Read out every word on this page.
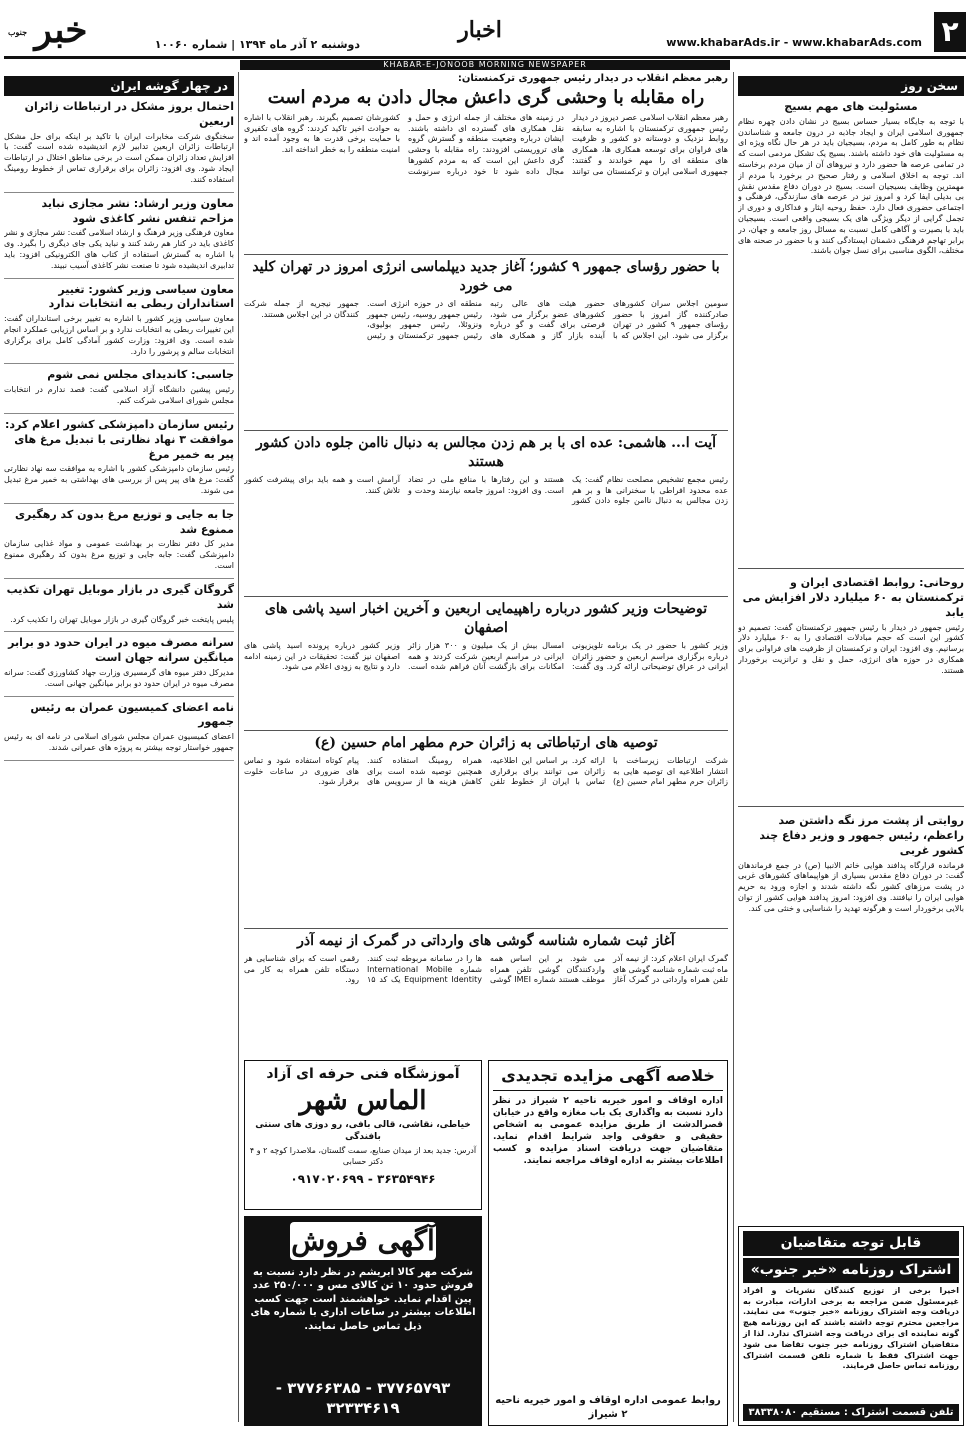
۲
www.khabarAds.ir - www.khabarAds.com
اخبار
دوشنبه ۲ آذر ماه ۱۳۹۴ | شماره ۱۰۰۶۰
خبر
جنوب
KHABAR-E-JONOOB MORNING NEWSPAPER
سخن روز
مسئولیت های مهم بسیج

با توجه به جایگاه بسیار حساس بسیج در نشان دادن چهره نظام جمهوری اسلامی ایران و ایجاد جاذبه در درون جامعه و شناساندن نظام به طور کامل به مردم، بسیجیان باید در هر حال نگاه ویژه ای به مسئولیت های خود داشته باشند. بسیج یک تشکل مردمی است که در تمامی عرصه ها حضور دارد و نیروهای آن از میان مردم برخاسته اند. توجه به اخلاق اسلامی و رفتار صحیح در برخورد با مردم از مهمترین وظایف بسیجیان است. بسیج در دوران دفاع مقدس نقش بی بدیلی ایفا کرد و امروز نیز در عرصه های سازندگی، فرهنگی و اجتماعی حضوری فعال دارد. حفظ روحیه ایثار و فداکاری و دوری از تجمل گرایی از دیگر ویژگی های یک بسیجی واقعی است. بسیجیان باید با بصیرت و آگاهی کامل نسبت به مسائل روز جامعه و جهان، در برابر تهاجم فرهنگی دشمنان ایستادگی کنند و با حضور در صحنه های مختلف، الگوی مناسبی برای نسل جوان باشند.

روحانی: روابط اقتصادی ایران و ترکمنستان به ۶۰ میلیارد دلار افزایش می یابد

رئیس جمهور در دیدار با رئیس جمهور ترکمنستان گفت: تصمیم دو کشور این است که حجم مبادلات اقتصادی را به ۶۰ میلیارد دلار برسانیم. وی افزود: ایران و ترکمنستان از ظرفیت های فراوانی برای همکاری در حوزه های انرژی، حمل و نقل و ترانزیت برخوردار هستند.

روایتی از پشت مرز نگه داشتن صد راعظم، رئیس جمهور و وزیر دفاع چند کشور غربی

فرمانده قرارگاه پدافند هوایی خاتم الانبیا (ص) در جمع فرماندهان گفت: در دوران دفاع مقدس بسیاری از هواپیماهای کشورهای غربی در پشت مرزهای کشور نگه داشته شدند و اجازه ورود به حریم هوایی ایران را نیافتند. وی افزود: امروز پدافند هوایی کشور از توان بالایی برخوردار است و هرگونه تهدید را شناسایی و خنثی می کند.

قابل توجه متقاضیان
اشتراک روزنامه «خبر جنوب»

اخیرا برخی از توزیع کنندگان نشریات و افراد غیرمسئول ضمن مراجعه به برخی ادارات، مبادرت به دریافت وجه اشتراک روزنامه «خبر جنوب» می نمایند. مراجعین محترم توجه داشته باشند که این روزنامه هیچ گونه نماینده ای برای دریافت وجه اشتراک ندارد. لذا از متقاضیان اشتراک روزنامه خبر جنوب تقاضا می شود جهت اشتراک فقط با شماره تلفن قسمت اشتراک روزنامه تماس حاصل فرمایند.

تلفن قسمت اشتراک : مستقیم ۳۸۳۳۸۰۸۰
رهبر معظم انقلاب در دیدار رئیس جمهوری ترکمنستان:
راه مقابله با وحشی گری داعش مجال دادن به مردم است

رهبر معظم انقلاب اسلامی عصر دیروز در دیدار رئیس جمهوری ترکمنستان با اشاره به سابقه روابط نزدیک و دوستانه دو کشور و ظرفیت های فراوان برای توسعه همکاری ها، همکاری های منطقه ای را مهم خواندند و گفتند: جمهوری اسلامی ایران و ترکمنستان می توانند در زمینه های مختلف از جمله انرژی و حمل و نقل همکاری های گسترده ای داشته باشند. ایشان درباره وضعیت منطقه و گسترش گروه های تروریستی افزودند: راه مقابله با وحشی گری داعش این است که به مردم کشورها مجال داده شود تا خود درباره سرنوشت کشورشان تصمیم بگیرند. رهبر انقلاب با اشاره به حوادث اخیر تاکید کردند: گروه های تکفیری با حمایت برخی قدرت ها به وجود آمده اند و امنیت منطقه را به خطر انداخته اند.

با حضور رؤسای جمهور ۹ کشور؛ آغاز جدید دیپلماسی انرژی امروز در تهران کلید می خورد

سومین اجلاس سران کشورهای صادرکننده گاز امروز با حضور رؤسای جمهور ۹ کشور در تهران برگزار می شود. این اجلاس که با حضور هیئت های عالی رتبه کشورهای عضو برگزار می شود، فرصتی برای گفت و گو درباره آینده بازار گاز و همکاری های منطقه ای در حوزه انرژی است. رئیس جمهور روسیه، رئیس جمهور ونزوئلا، رئیس جمهور بولیوی، رئیس جمهور ترکمنستان و رئیس جمهور نیجریه از جمله شرکت کنندگان در این اجلاس هستند.

آیت ا... هاشمی: عده ای با بر هم زدن مجالس به دنبال ناامن جلوه دادن کشور هستند

رئیس مجمع تشخیص مصلحت نظام گفت: یک عده محدود افراطی با سخنرانی ها و بر هم زدن مجالس به دنبال ناامن جلوه دادن کشور هستند و این رفتارها با منافع ملی در تضاد است. وی افزود: امروز جامعه نیازمند وحدت و آرامش است و همه باید برای پیشرفت کشور تلاش کنند.

توضیحات وزیر کشور درباره راهپیمایی اربعین و آخرین اخبار اسید پاشی های اصفهان

وزیر کشور با حضور در یک برنامه تلویزیونی درباره برگزاری مراسم اربعین و حضور زائران ایرانی در عراق توضیحاتی ارائه کرد. وی گفت: امسال بیش از یک میلیون و ۳۰۰ هزار زائر ایرانی در مراسم اربعین شرکت کردند و همه امکانات برای بازگشت آنان فراهم شده است. وزیر کشور درباره پرونده اسید پاشی های اصفهان نیز گفت: تحقیقات در این زمینه ادامه دارد و نتایج به زودی اعلام می شود.

توصیه های ارتباطاتی به زائران حرم مطهر امام حسین (ع)

شرکت ارتباطات زیرساخت با انتشار اطلاعیه ای توصیه هایی به زائران حرم مطهر امام حسین (ع) ارائه کرد. بر اساس این اطلاعیه، زائران می توانند برای برقراری تماس با ایران از خطوط تلفن همراه رومینگ استفاده کنند. همچنین توصیه شده است برای کاهش هزینه ها از سرویس های پیام کوتاه استفاده شود و تماس های ضروری در ساعات خلوت برقرار شود.

آغاز ثبت شماره شناسه گوشی های وارداتی در گمرک از نیمه آذر

گمرک ایران اعلام کرد: از نیمه آذر ماه ثبت شماره شناسه گوشی های تلفن همراه وارداتی در گمرک آغاز می شود. بر این اساس همه واردکنندگان گوشی تلفن همراه موظف هستند شماره IMEI گوشی ها را در سامانه مربوطه ثبت کنند. شماره International Mobile Equipment Identity یک کد ۱۵ رقمی است که برای شناسایی هر دستگاه تلفن همراه به کار می رود.

خلاصه آگهی مزایده تجدیدی

اداره اوقاف و امور خیریه ناحیه ۲ شیراز در نظر دارد نسبت به واگذاری یک باب مغازه واقع در خیابان قصرالدشت از طریق مزایده عمومی به اشخاص حقیقی و حقوقی واجد شرایط اقدام نماید. متقاضیان جهت دریافت اسناد مزایده و کسب اطلاعات بیشتر به اداره اوقاف مراجعه نمایند.

روابط عمومی اداره اوقاف و امور خیریه ناحیه ۲ شیراز
آموزشگاه فنی حرفه ای آزاد
الماس شهر
خیاطی، نقاشی، قالی بافی، رو دوزی های سنتی بافندگی
آدرس: جدید بعد از میدان صنایع، سمت گلستان، ملاصدرا کوچه ۲ و ۴ دکتر حسابی
۳۶۳۵۴۹۴۶ - ۰۹۱۷۰۲۰۶۹۹
آگهی فروش
شرکت مهر کالا ابریشم در نظر دارد نسبت به فروش حدود ۱۰ تن کالای مس و ۲۵۰/۰۰۰ عدد پین اقدام نماید. خواهشمند است جهت کسب اطلاعات بیشتر در ساعات اداری با شماره های ذیل تماس حاصل نمایند.
۳۷۷۶۵۷۹۳ - ۳۷۷۶۶۳۸۵ - ۳۲۳۳۴۶۱۹
در چهار گوشه ایران
احتمال بروز مشکل در ارتباطات زائران اربعین

سخنگوی شرکت مخابرات ایران با تاکید بر اینکه برای حل مشکل ارتباطات زائران اربعین تدابیر لازم اندیشیده شده است گفت: با افزایش تعداد زائران ممکن است در برخی مناطق اختلال در ارتباطات ایجاد شود. وی افزود: زائران برای برقراری تماس از خطوط رومینگ استفاده کنند.

معاون وزیر ارشاد: نشر مجازی نباید مزاحم تنفس نشر کاغذی شود

معاون فرهنگی وزیر فرهنگ و ارشاد اسلامی گفت: نشر مجازی و نشر کاغذی باید در کنار هم رشد کنند و نباید یکی جای دیگری را بگیرد. وی با اشاره به گسترش استفاده از کتاب های الکترونیکی افزود: باید تدابیری اندیشیده شود تا صنعت نشر کاغذی آسیب نبیند.

معاون سیاسی وزیر کشور: تغییر استانداران ربطی به انتخابات ندارد

معاون سیاسی وزیر کشور با اشاره به تغییر برخی استانداران گفت: این تغییرات ربطی به انتخابات ندارد و بر اساس ارزیابی عملکرد انجام شده است. وی افزود: وزارت کشور آمادگی کامل برای برگزاری انتخابات سالم و پرشور را دارد.

جاسبی: کاندیدای مجلس نمی شوم

رئیس پیشین دانشگاه آزاد اسلامی گفت: قصد ندارم در انتخابات مجلس شورای اسلامی شرکت کنم.

رئیس سازمان دامپزشکی کشور اعلام کرد: موافقت ۳ نهاد نظارتی با تبدیل مرغ های پیر به خمیر مرغ

رئیس سازمان دامپزشکی کشور با اشاره به موافقت سه نهاد نظارتی گفت: مرغ های پیر پس از بررسی های بهداشتی به خمیر مرغ تبدیل می شوند.

جا به جایی و توزیع مرغ بدون کد رهگیری ممنوع شد

مدیر کل دفتر نظارت بر بهداشت عمومی و مواد غذایی سازمان دامپزشکی گفت: جابه جایی و توزیع مرغ بدون کد رهگیری ممنوع است.

گروگان گیری در بازار موبایل تهران تکذیب شد

پلیس پایتخت خبر گروگان گیری در بازار موبایل تهران را تکذیب کرد.

سرانه مصرف میوه در ایران حدود دو برابر میانگین سرانه جهان است

مدیرکل دفتر میوه های گرمسیری وزارت جهاد کشاورزی گفت: سرانه مصرف میوه در ایران حدود دو برابر میانگین جهانی است.

نامه اعضای کمیسیون عمران به رئیس جمهور

اعضای کمیسیون عمران مجلس شورای اسلامی در نامه ای به رئیس جمهور خواستار توجه بیشتر به پروژه های عمرانی شدند.
